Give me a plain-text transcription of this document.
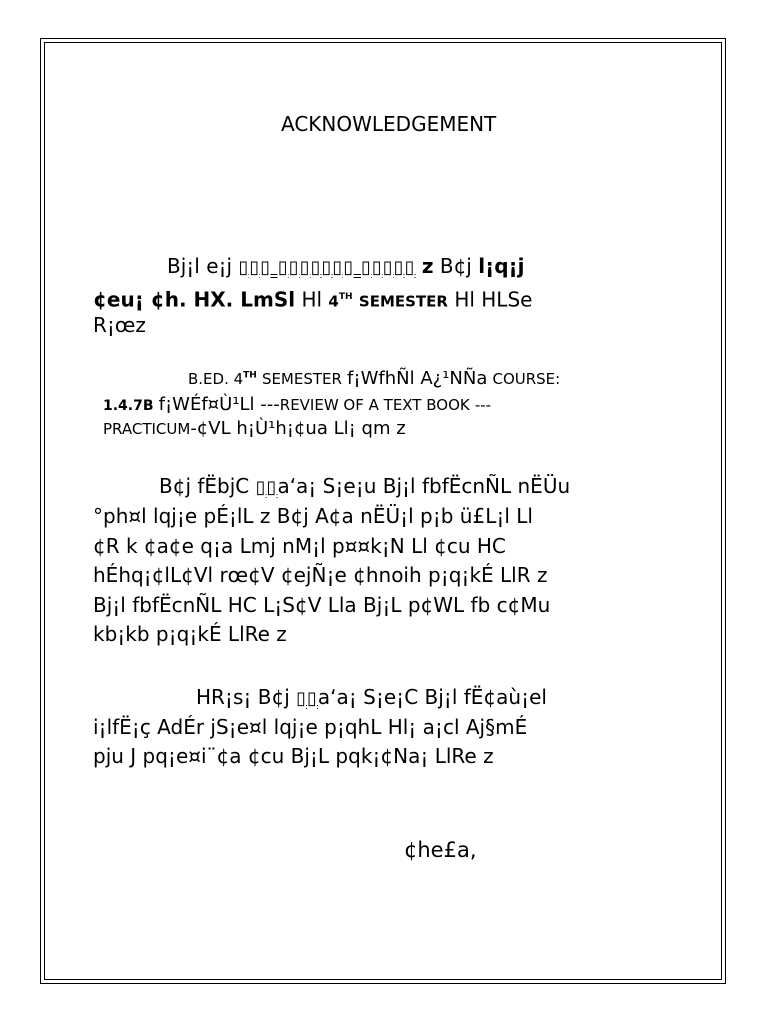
ACKNOWLEDGEMENT
Bj¡l e¡j ▯▯▯ ▯▯▯▯▯▯▯ ▯▯▯▯▯ z B¢j l¡q¡j
¢eu¡ ¢h. HX. LmSl Hl 4TH SEMESTER Hl HLSe
R¡œz
B.ED. 4TH SEMESTER f¡WfhÑl A¿¹NÑa COURSE:
1.4.7B f¡WÉf¤Ù¹Ll ---REVIEW OF A TEXT BOOK ---
PRACTICUM-¢VL h¡Ù¹h¡¢ua Ll¡ qm z
B¢j fËbjC ▯▯a‘a¡ S¡e¡u Bj¡l fbfËcnÑL nËÜu
°ph¤l lqj¡e pÉ¡lL z B¢j A¢a nËÜ¡l p¡b ü£L¡l Ll
¢R k ¢a¢e q¡a Lmj nM¡l p¤¤k¡N Ll ¢cu HC
hÉhq¡¢lL¢Vl rœ¢V ¢ejÑ¡e ¢hnoih p¡q¡kÉ LlR z
Bj¡l fbfËcnÑL HC L¡S¢V Lla Bj¡L p¢WL fb c¢Mu
kb¡kb p¡q¡kÉ LlRe z
HR¡s¡ B¢j ▯▯a‘a¡ S¡e¡C Bj¡l fË¢aù¡el
i¡lfË¡ç AdÉr jS¡e¤l lqj¡e p¡qhL Hl¡ a¡cl Aj§mÉ
pju J pq¡e¤i¨¢a ¢cu Bj¡L pqk¡¢Na¡ LlRe z
¢he£a,
